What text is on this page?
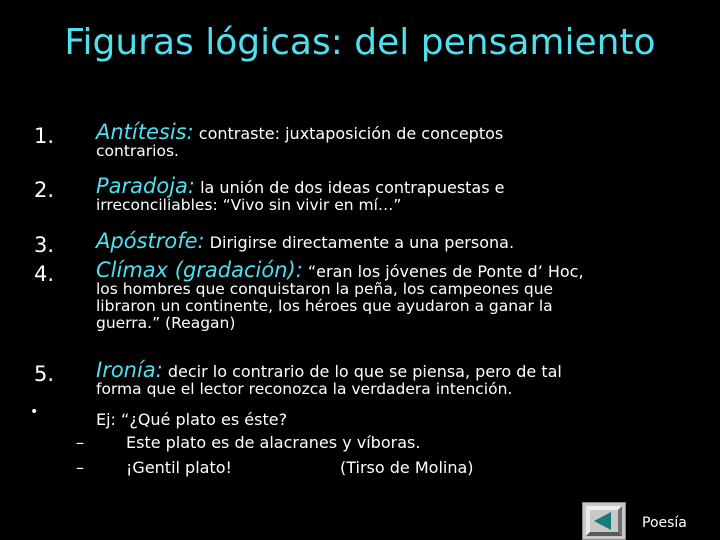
Figuras lógicas: del pensamiento
1. Antítesis: contraste: juxtaposición de conceptos
contrarios.
2. Paradoja: la unión de dos ideas contrapuestas e
irreconciliables: “Vivo sin vivir en mí…”
3. Apóstrofe: Dirigirse directamente a una persona.
4. Clímax (gradación): “eran los jóvenes de Ponte d’ Hoc,
los hombres que conquistaron la peña, los campeones que
libraron un continente, los héroes que ayudaron a ganar la
guerra.” (Reagan)
5. Ironía: decir lo contrario de lo que se piensa, pero de tal
forma que el lector reconozca la verdadera intención.
•	Ej: “¿Qué plato es éste?
–	Este plato es de alacranes y víboras.
–	¡Gentil plato!	(Tirso de Molina)
Poesía
